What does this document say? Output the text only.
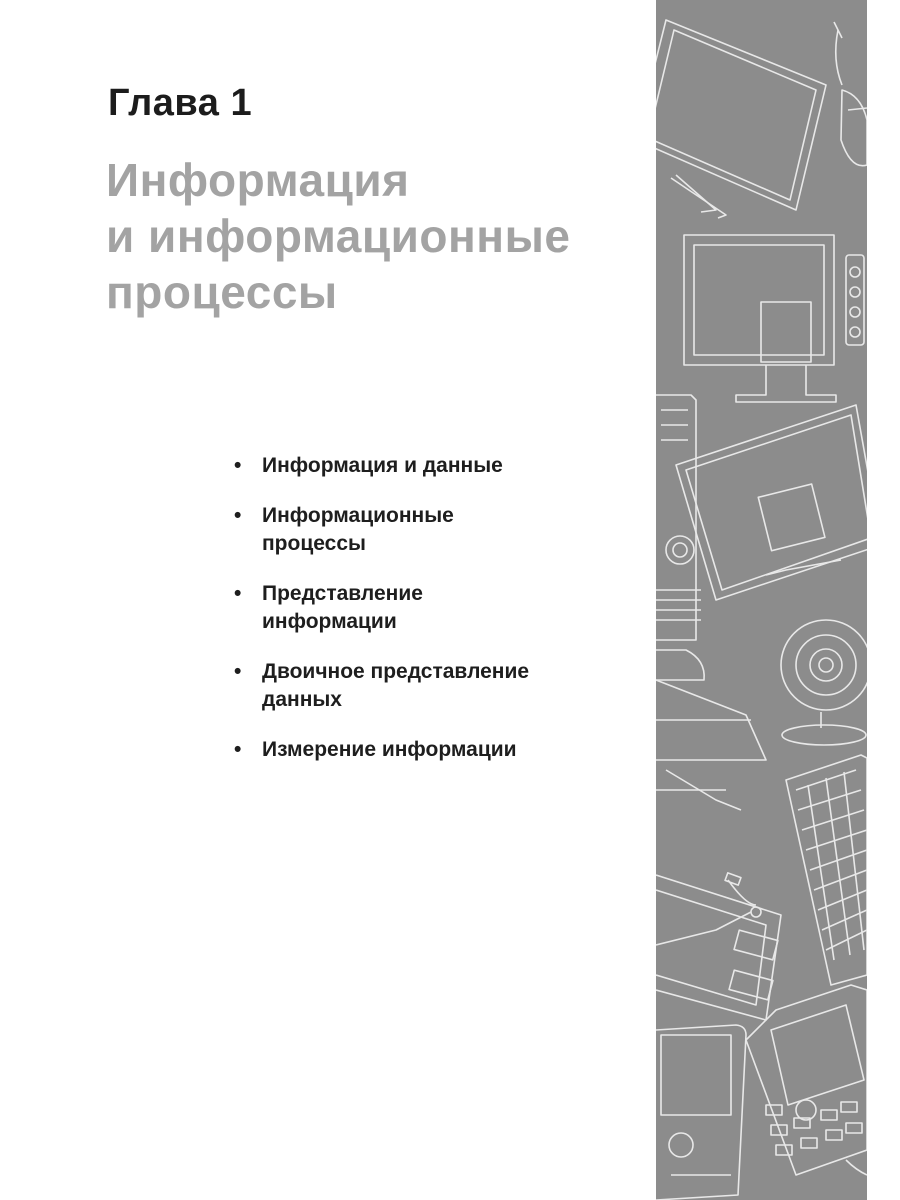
Глава 1
Информация
и информационные
процессы
• Информация и данные
• Информационные
процессы
• Представление
информации
• Двоичное представление
данных
• Измерение информации
